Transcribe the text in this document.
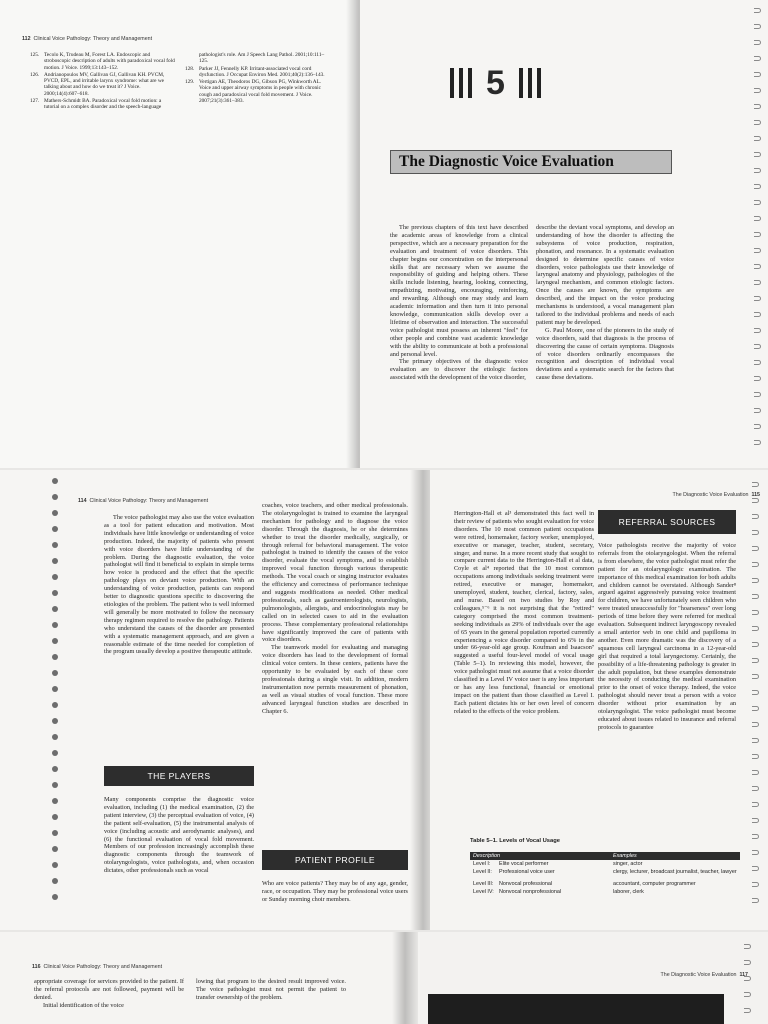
112 Clinical Voice Pathology: Theory and Management
125. Tecolo K, Trudeau M, Forest LA. Endoscopic and stroboscopic description of adults with paradoxical vocal fold motion. J Voice. 1999;13:143–152.
126. Andrianopoulos MV, Gallivan GJ, Gallivan KH. PVCM, PVCD, EPL, and irritable larynx syndrome: what are we talking about and how do we treat it? J Voice. 2000;14(4):607–618.
127. Mathers-Schmidt BA. Paradoxical vocal fold motion: a tutorial on a complex disorder and the speech-language pathologist's role. Am J Speech Lang Pathol. 2001;10:111–125.
128. Parker JJ, Fennelly KP. Irritant-associated vocal cord dysfunction. J Occupat Environ Med. 2001;40(2):136–143.
129. Vertigan AE, Theodoros DG, Gibson PG, Winkworth AL. Voice and upper airway symptoms in people with chronic cough and paradoxical vocal fold movement. J Voice. 2007;21(3):361–383.	5
The Diagnostic Voice Evaluation

The previous chapters of this text have described the academic areas of knowledge from a clinical perspective, which are a necessary preparation for the evaluation and treatment of voice disorders. This chapter begins our concentration on the interpersonal skills that are necessary when we assume the responsibility of guiding and helping others. These skills include listening, hearing, looking, connecting, empathizing, motivating, encouraging, reinforcing, and rewarding. Although one may study and learn academic information and then turn it into personal knowledge, communication skills develop over a lifetime of observation and interaction. The successful voice pathologist must possess an inherent "feel" for other people and combine vast academic knowledge with the ability to communicate at both a professional and personal level.

The primary objectives of the diagnostic voice evaluation are to discover the etiologic factors associated with the development of the voice disorder,

describe the deviant vocal symptoms, and develop an understanding of how the disorder is affecting the subsystems of voice production, respiration, phonation, and resonance. In a systematic evaluation designed to determine specific causes of voice disorders, voice pathologists use their knowledge of laryngeal anatomy and physiology, pathologies of the laryngeal mechanism, and common etiologic factors. Once the causes are known, the symptoms are described, and the impact on the voice producing mechanisms is understood, a vocal management plan tailored to the individual problems and needs of each patient may be developed.

G. Paul Moore, one of the pioneers in the study of voice disorders, said that diagnosis is the process of discovering the cause of certain symptoms. Diagnosis of voice disorders ordinarily encompasses the recognition and description of individual vocal deviations and a systematic search for the factors that cause these deviations.

114 Clinical Voice Pathology: Theory and Management

The voice pathologist may also use the voice evaluation as a tool for patient education and motivation. Most individuals have little knowledge or understanding of voice production. Indeed, the majority of patients who present with voice disorders have little understanding of the problem. During the diagnostic evaluation, the voice pathologist will find it beneficial to explain in simple terms how voice is produced and the effect that the specific pathology plays on deviant voice production. With an understanding of voice production, patients can respond better to diagnostic questions specific to discovering the etiologies of the problem. The patient who is well informed will generally be more motivated to follow the necessary therapy regimen required to resolve the pathology. Patients who understand the causes of the disorder are presented with a systematic management approach, and are given a reasonable estimate of the time needed for completion of the program usually develop a positive therapeutic attitude.

THE PLAYERS

Many components comprise the diagnostic voice evaluation, including (1) the medical examination, (2) the patient interview, (3) the perceptual evaluation of voice, (4) the patient self-evaluation, (5) the instrumental analysis of voice (including acoustic and aerodynamic analyses), and (6) the functional evaluation of vocal fold movement. Members of our profession increasingly accomplish these diagnostic components through the teamwork of otolaryngologists, voice pathologists, and, when occasion dictates, other professionals such as vocal

coaches, voice teachers, and other medical professionals. The otolaryngologist is trained to examine the laryngeal mechanism for pathology and to diagnose the voice disorder. Through the diagnosis, he or she determines whether to treat the disorder medically, surgically, or through referral for behavioral management. The voice pathologist is trained to identify the causes of the voice disorder, evaluate the vocal symptoms, and to establish improved vocal function through various therapeutic methods. The vocal coach or singing instructor evaluates the efficiency and correctness of performance technique and suggests modifications as needed. Other medical professionals, such as gastroenterologists, neurologists, pulmonologists, allergists, and endocrinologists may be called on in selected cases to aid in the evaluation process. These complementary professional relationships have significantly improved the care of patients with voice disorders.

The teamwork model for evaluating and managing voice disorders has lead to the development of formal clinical voice centers. In these centers, patients have the opportunity to be evaluated by each of these core professionals during a single visit. In addition, modern instrumentation now permits measurement of phonation, as well as visual studies of vocal function. These more advanced laryngeal function studies are described in Chapter 6.

PATIENT PROFILE

Who are voice patients? They may be of any age, gender, race, or occupation. They may be professional voice users or Sunday morning choir members.

The Diagnostic Voice Evaluation 115

Herrington-Hall et al³ demonstrated this fact well in their review of patients who sought evaluation for voice disorders. The 10 most common patient occupations were retired, homemaker, factory worker, unemployed, executive or manager, teacher, student, secretary, singer, and nurse. In a more recent study that sought to compare current data to the Herrington-Hall et al data, Coyle et al⁴ reported that the 10 most common occupations among individuals seeking treatment were retired, executive or manager, homemaker, unemployed, student, teacher, clerical, factory, sales, and nurse. Based on two studies by Roy and colleagues,⁵⁻⁶ it is not surprising that the "retired" category comprised the most common treatment-seeking individuals as 29% of individuals over the age of 65 years in the general population reported currently experiencing a voice disorder compared to 6% in the under 66-year-old age group. Koufman and Isaacson⁷ suggested a useful four-level model of vocal usage (Table 5–1). In reviewing this model, however, the voice pathologist must not assume that a voice disorder classified in a Level IV voice user is any less important or has any less functional, financial or emotional impact on the patient than those classified as Level I. Each patient dictates his or her own level of concern related to the effects of the voice problem.

REFERRAL SOURCES

Voice pathologists receive the majority of voice referrals from the otolaryngologist. When the referral is from elsewhere, the voice pathologist must refer the patient for an otolaryngologic examination. The importance of this medical examination for both adults and children cannot be overstated. Although Sander⁸ argued against aggressively pursuing voice treatment for children, we have unfortunately seen children who were treated unsuccessfully for "hoarseness" over long periods of time before they were referred for medical evaluation. Subsequent indirect laryngoscopy revealed a small anterior web in one child and papilloma in another. Even more dramatic was the discovery of a squamous cell laryngeal carcinoma in a 12-year-old girl that required a total laryngectomy. Certainly, the possibility of a life-threatening pathology is greater in the adult population, but these examples demonstrate the necessity of conducting the medical examination prior to the onset of voice therapy. Indeed, the voice pathologist should never treat a person with a voice disorder without prior examination by an otolaryngologist. The voice pathologist must become educated about issues related to insurance and referral protocols to guarantee

Table 5–1. Levels of Vocal Usage
Description	Examples
Level I: Elite vocal performer	singer, actor
Level II: Professional voice user	clergy, lecturer, broadcast journalist, teacher, lawyer
Level III: Nonvocal professional	accountant, computer programmer
Level IV: Nonvocal nonprofessional	laborer, clerk
116 Clinical Voice Pathology: Theory and Management

appropriate coverage for services provided to the patient. If the referral protocols are not followed, payment will be denied.

Initial identification of the voice

lowing that program to the desired result improved voice. The voice pathologist must not permit the patient to transfer ownership of the problem.

The Diagnostic Voice Evaluation 117
